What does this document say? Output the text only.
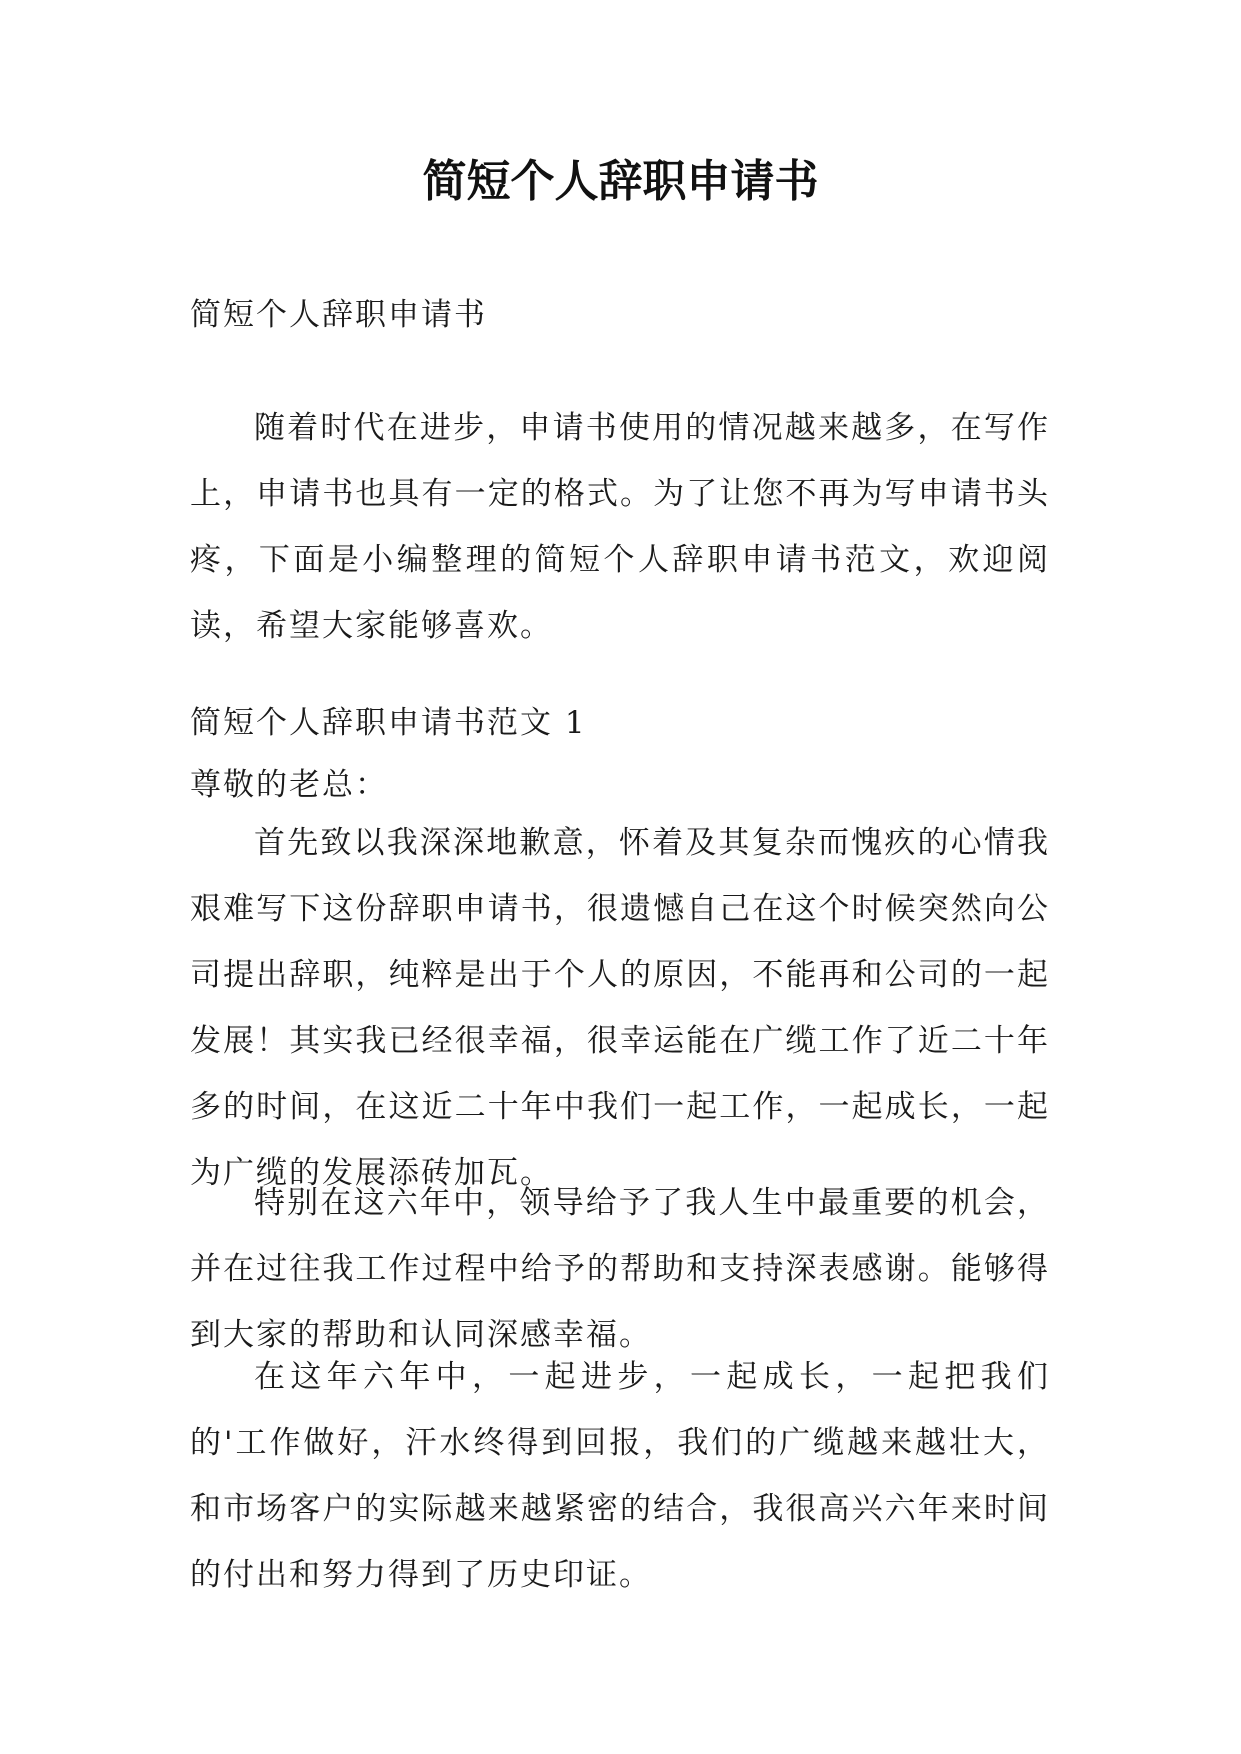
简短个人辞职申请书

简短个人辞职申请书

随着时代在进步，申请书使用的情况越来越多，在写作上，申请书也具有一定的格式。为了让您不再为写申请书头疼，下面是小编整理的简短个人辞职申请书范文，欢迎阅读，希望大家能够喜欢。

简短个人辞职申请书范文 1

尊敬的老总：

首先致以我深深地歉意，怀着及其复杂而愧疚的心情我艰难写下这份辞职申请书，很遗憾自己在这个时候突然向公司提出辞职，纯粹是出于个人的原因，不能再和公司的一起发展！其实我已经很幸福，很幸运能在广缆工作了近二十年多的时间，在这近二十年中我们一起工作，一起成长，一起为广缆的发展添砖加瓦。

特别在这六年中，领导给予了我人生中最重要的机会，并在过往我工作过程中给予的帮助和支持深表感谢。能够得到大家的帮助和认同深感幸福。

在这年六年中，一起进步，一起成长，一起把我们的'工作做好，汗水终得到回报，我们的广缆越来越壮大，和市场客户的实际越来越紧密的结合，我很高兴六年来时间的付出和努力得到了历史印证。
